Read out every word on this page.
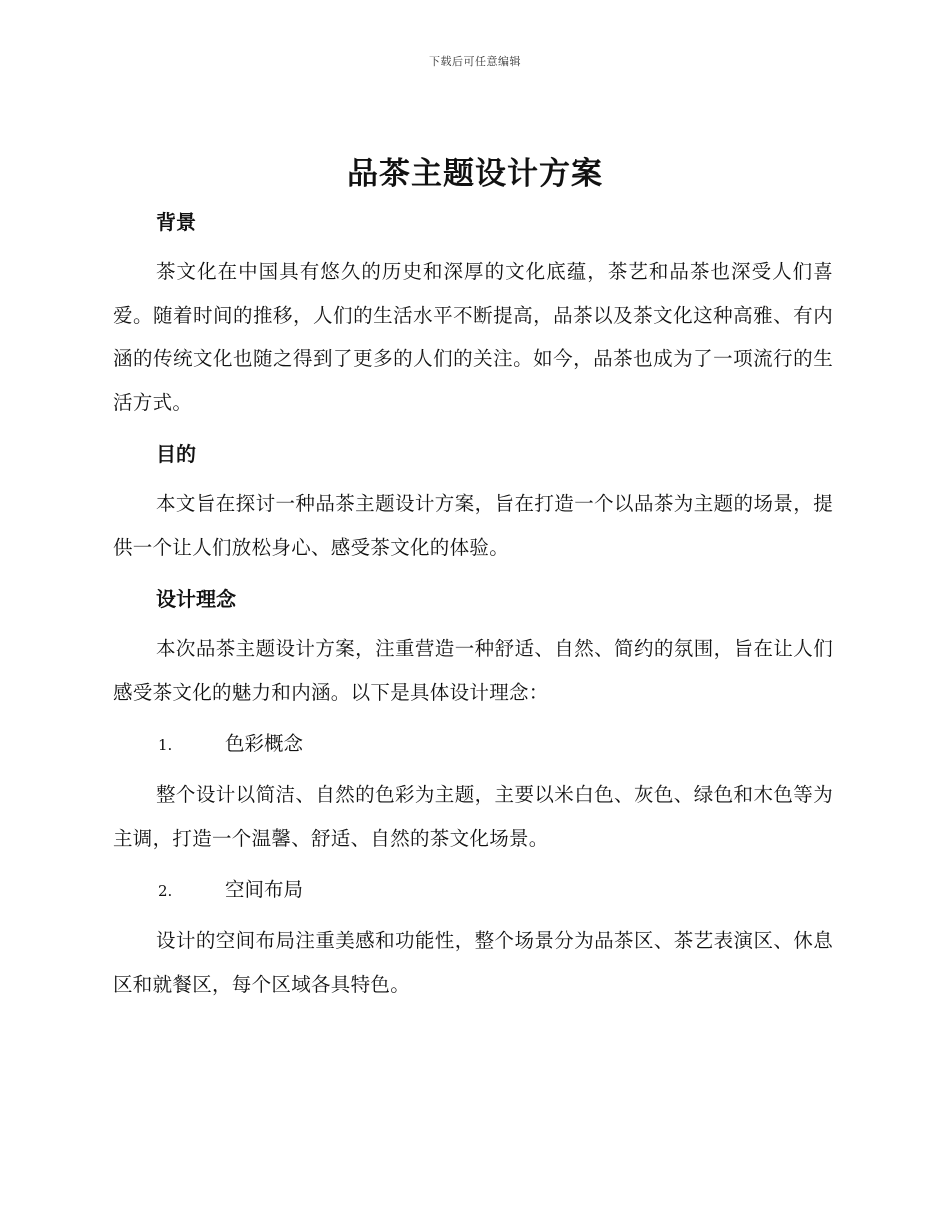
下载后可任意编辑
品茶主题设计方案
背景

茶文化在中国具有悠久的历史和深厚的文化底蕴，茶艺和品茶也深受人们喜爱。随着时间的推移，人们的生活水平不断提高，品茶以及茶文化这种高雅、有内涵的传统文化也随之得到了更多的人们的关注。如今，品茶也成为了一项流行的生活方式。

目的

本文旨在探讨一种品茶主题设计方案，旨在打造一个以品茶为主题的场景，提供一个让人们放松身心、感受茶文化的体验。

设计理念

本次品茶主题设计方案，注重营造一种舒适、自然、简约的氛围，旨在让人们感受茶文化的魅力和内涵。以下是具体设计理念：

1.	色彩概念

整个设计以简洁、自然的色彩为主题，主要以米白色、灰色、绿色和木色等为主调，打造一个温馨、舒适、自然的茶文化场景。

2.	空间布局

设计的空间布局注重美感和功能性，整个场景分为品茶区、茶艺表演区、休息区和就餐区，每个区域各具特色。
